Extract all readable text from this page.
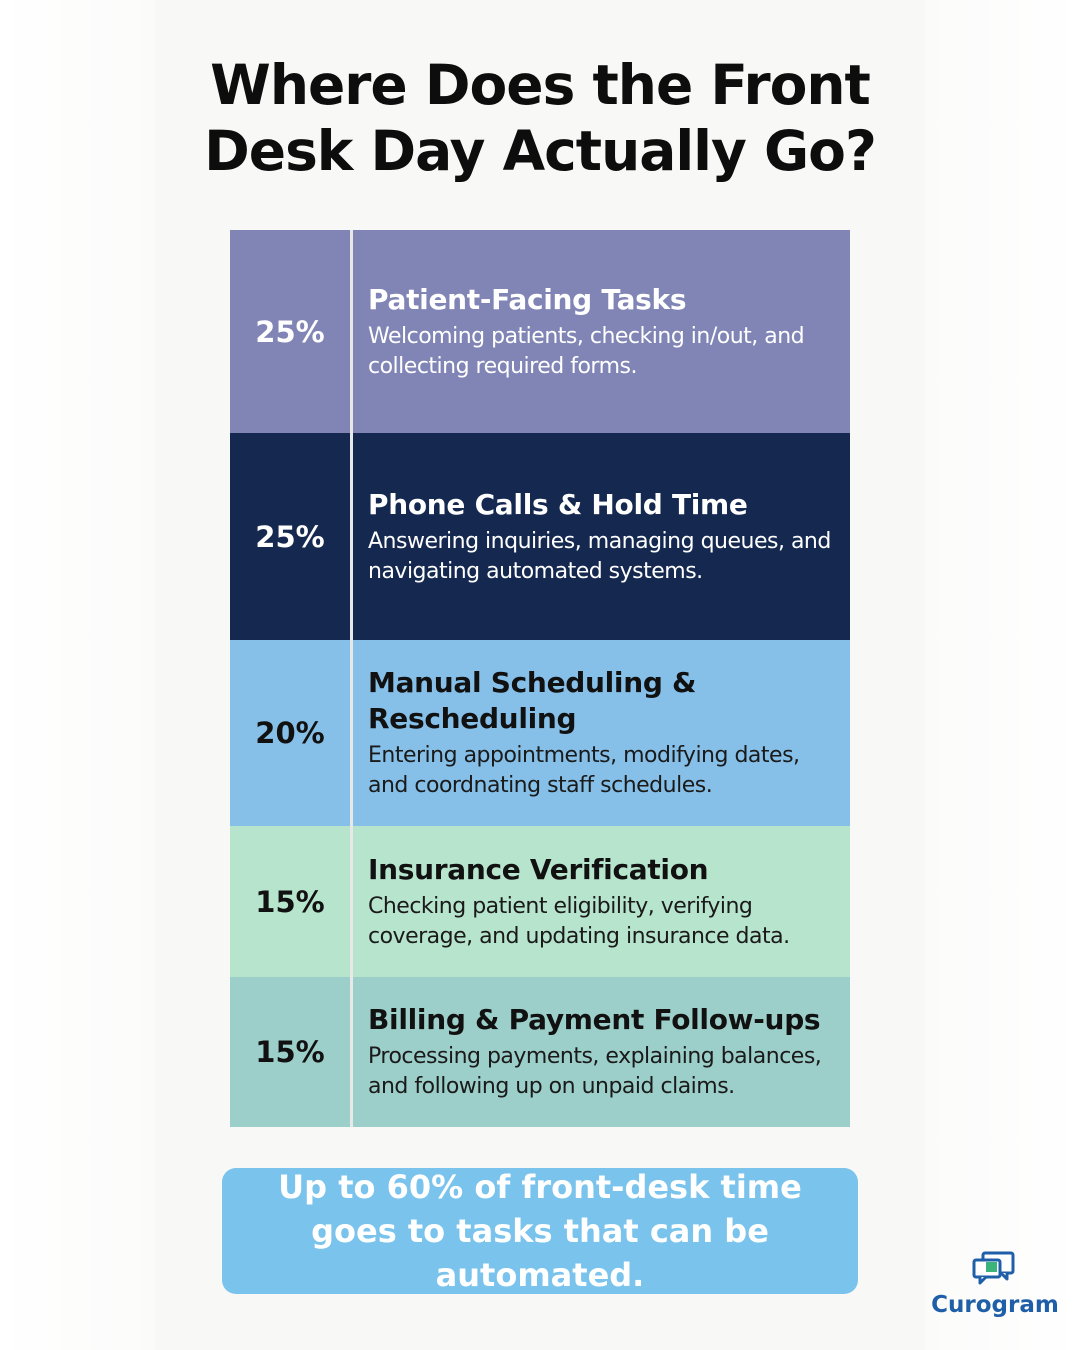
Where Does the Front Desk Day Actually Go?
25%
Patient-Facing Tasks
Welcoming patients, checking in/out, and collecting required forms.
25%
Phone Calls & Hold Time
Answering inquiries, managing queues, and navigating automated systems.
20%
Manual Scheduling & Rescheduling
Entering appointments, modifying dates, and coordnating staff schedules.
15%
Insurance Verification
Checking patient eligibility, verifying coverage, and updating insurance data.
15%
Billing & Payment Follow-ups
Processing payments, explaining balances, and following up on unpaid claims.
Up to 60% of front-desk time goes to tasks that can be automated.
Curogram
